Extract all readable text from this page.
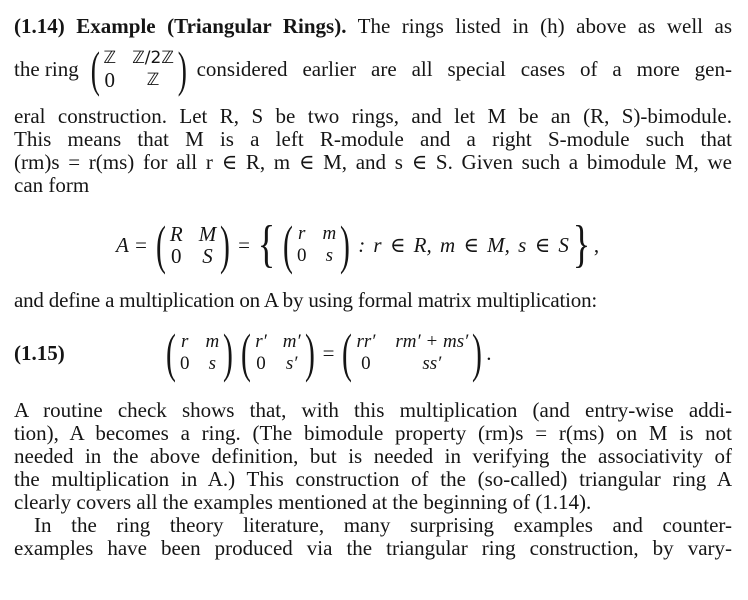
(1.14) Example (Triangular Rings). The rings listed in (h) above as well as
the ring ( ℤ ℤ/2ℤ
0	ℤ ) considered earlier are all special cases of a more gen-
eral construction. Let R, S be two rings, and let M be an (R, S)-bimodule.
This means that M is a left R-module and a right S-module such that
(rm)s = r(ms) for all r ∈ R, m ∈ M, and s ∈ S. Given such a bimodule M, we
can form
A = ( R M
0 S ) = { ( r m
0 s ) : r ∈ R, m ∈ M, s ∈ S } ,
and define a multiplication on A by using formal matrix multiplication:
(1.15)	( r m
0 s ) ( r′ m′
0 s′ ) = ( rr′ rm′ + ms′
0	ss′ ) .
A routine check shows that, with this multiplication (and entry-wise addi-
tion), A becomes a ring. (The bimodule property (rm)s = r(ms) on M is not
needed in the above definition, but is needed in verifying the associativity of
the multiplication in A.) This construction of the (so-called) triangular ring A
clearly covers all the examples mentioned at the beginning of (1.14).
In the ring theory literature, many surprising examples and counter-
examples have been produced via the triangular ring construction, by vary-
